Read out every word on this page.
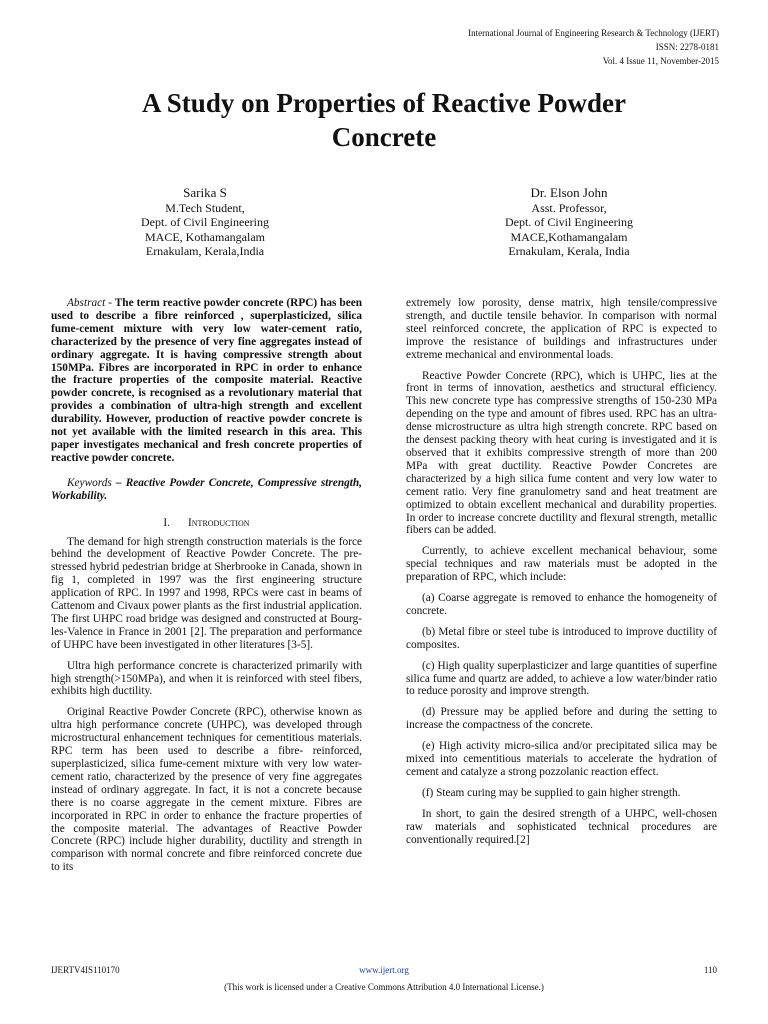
International Journal of Engineering Research & Technology (IJERT)
ISSN: 2278-0181
Vol. 4 Issue 11, November-2015
A Study on Properties of Reactive Powder
Concrete
Sarika S
M.Tech Student,
Dept. of Civil Engineering
MACE, Kothamangalam
Ernakulam, Kerala,India
Dr. Elson John
Asst. Professor,
Dept. of Civil Engineering
MACE,Kothamangalam
Ernakulam, Kerala, India

Abstract - The term reactive powder concrete (RPC) has been used to describe a fibre reinforced , superplasticized, silica fume-cement mixture with very low water-cement ratio, characterized by the presence of very fine aggregates instead of ordinary aggregate. It is having compressive strength about 150MPa. Fibres are incorporated in RPC in order to enhance the fracture properties of the composite material. Reactive powder concrete, is recognised as a revolutionary material that provides a combination of ultra-high strength and excellent durability. However, production of reactive powder concrete is not yet available with the limited research in this area. This paper investigates mechanical and fresh concrete properties of reactive powder concrete.

Keywords – Reactive Powder Concrete, Compressive strength, Workability.

I. Introduction

The demand for high strength construction materials is the force behind the development of Reactive Powder Concrete. The pre-stressed hybrid pedestrian bridge at Sherbrooke in Canada, shown in fig 1, completed in 1997 was the first engineering structure application of RPC. In 1997 and 1998, RPCs were cast in beams of Cattenom and Civaux power plants as the first industrial application. The first UHPC road bridge was designed and constructed at Bourg-les-Valence in France in 2001 [2]. The preparation and performance of UHPC have been investigated in other literatures [3-5].

Ultra high performance concrete is characterized primarily with high strength(>150MPa), and when it is reinforced with steel fibers, exhibits high ductility.

Original Reactive Powder Concrete (RPC), otherwise known as ultra high performance concrete (UHPC), was developed through microstructural enhancement techniques for cementitious materials. RPC term has been used to describe a fibre- reinforced, superplasticized, silica fume-cement mixture with very low water-cement ratio, characterized by the presence of very fine aggregates instead of ordinary aggregate. In fact, it is not a concrete because there is no coarse aggregate in the cement mixture. Fibres are incorporated in RPC in order to enhance the fracture properties of the composite material. The advantages of Reactive Powder Concrete (RPC) include higher durability, ductility and strength in comparison with normal concrete and fibre reinforced concrete due to its

extremely low porosity, dense matrix, high tensile/compressive strength, and ductile tensile behavior. In comparison with normal steel reinforced concrete, the application of RPC is expected to improve the resistance of buildings and infrastructures under extreme mechanical and environmental loads.

Reactive Powder Concrete (RPC), which is UHPC, lies at the front in terms of innovation, aesthetics and structural efficiency. This new concrete type has compressive strengths of 150-230 MPa depending on the type and amount of fibres used. RPC has an ultra-dense microstructure as ultra high strength concrete. RPC based on the densest packing theory with heat curing is investigated and it is observed that it exhibits compressive strength of more than 200 MPa with great ductility. Reactive Powder Concretes are characterized by a high silica fume content and very low water to cement ratio. Very fine granulometry sand and heat treatment are optimized to obtain excellent mechanical and durability properties. In order to increase concrete ductility and flexural strength, metallic fibers can be added.

Currently, to achieve excellent mechanical behaviour, some special techniques and raw materials must be adopted in the preparation of RPC, which include:

(a) Coarse aggregate is removed to enhance the homogeneity of concrete.

(b) Metal fibre or steel tube is introduced to improve ductility of composites.

(c) High quality superplasticizer and large quantities of superfine silica fume and quartz are added, to achieve a low water/binder ratio to reduce porosity and improve strength.

(d) Pressure may be applied before and during the setting to increase the compactness of the concrete.

(e) High activity micro-silica and/or precipitated silica may be mixed into cementitious materials to accelerate the hydration of cement and catalyze a strong pozzolanic reaction effect.

(f) Steam curing may be supplied to gain higher strength.

In short, to gain the desired strength of a UHPC, well-chosen raw materials and sophisticated technical procedures are conventionally required.[2]

IJERTV4IS110170	www.ijert.org	110
(This work is licensed under a Creative Commons Attribution 4.0 International License.)
